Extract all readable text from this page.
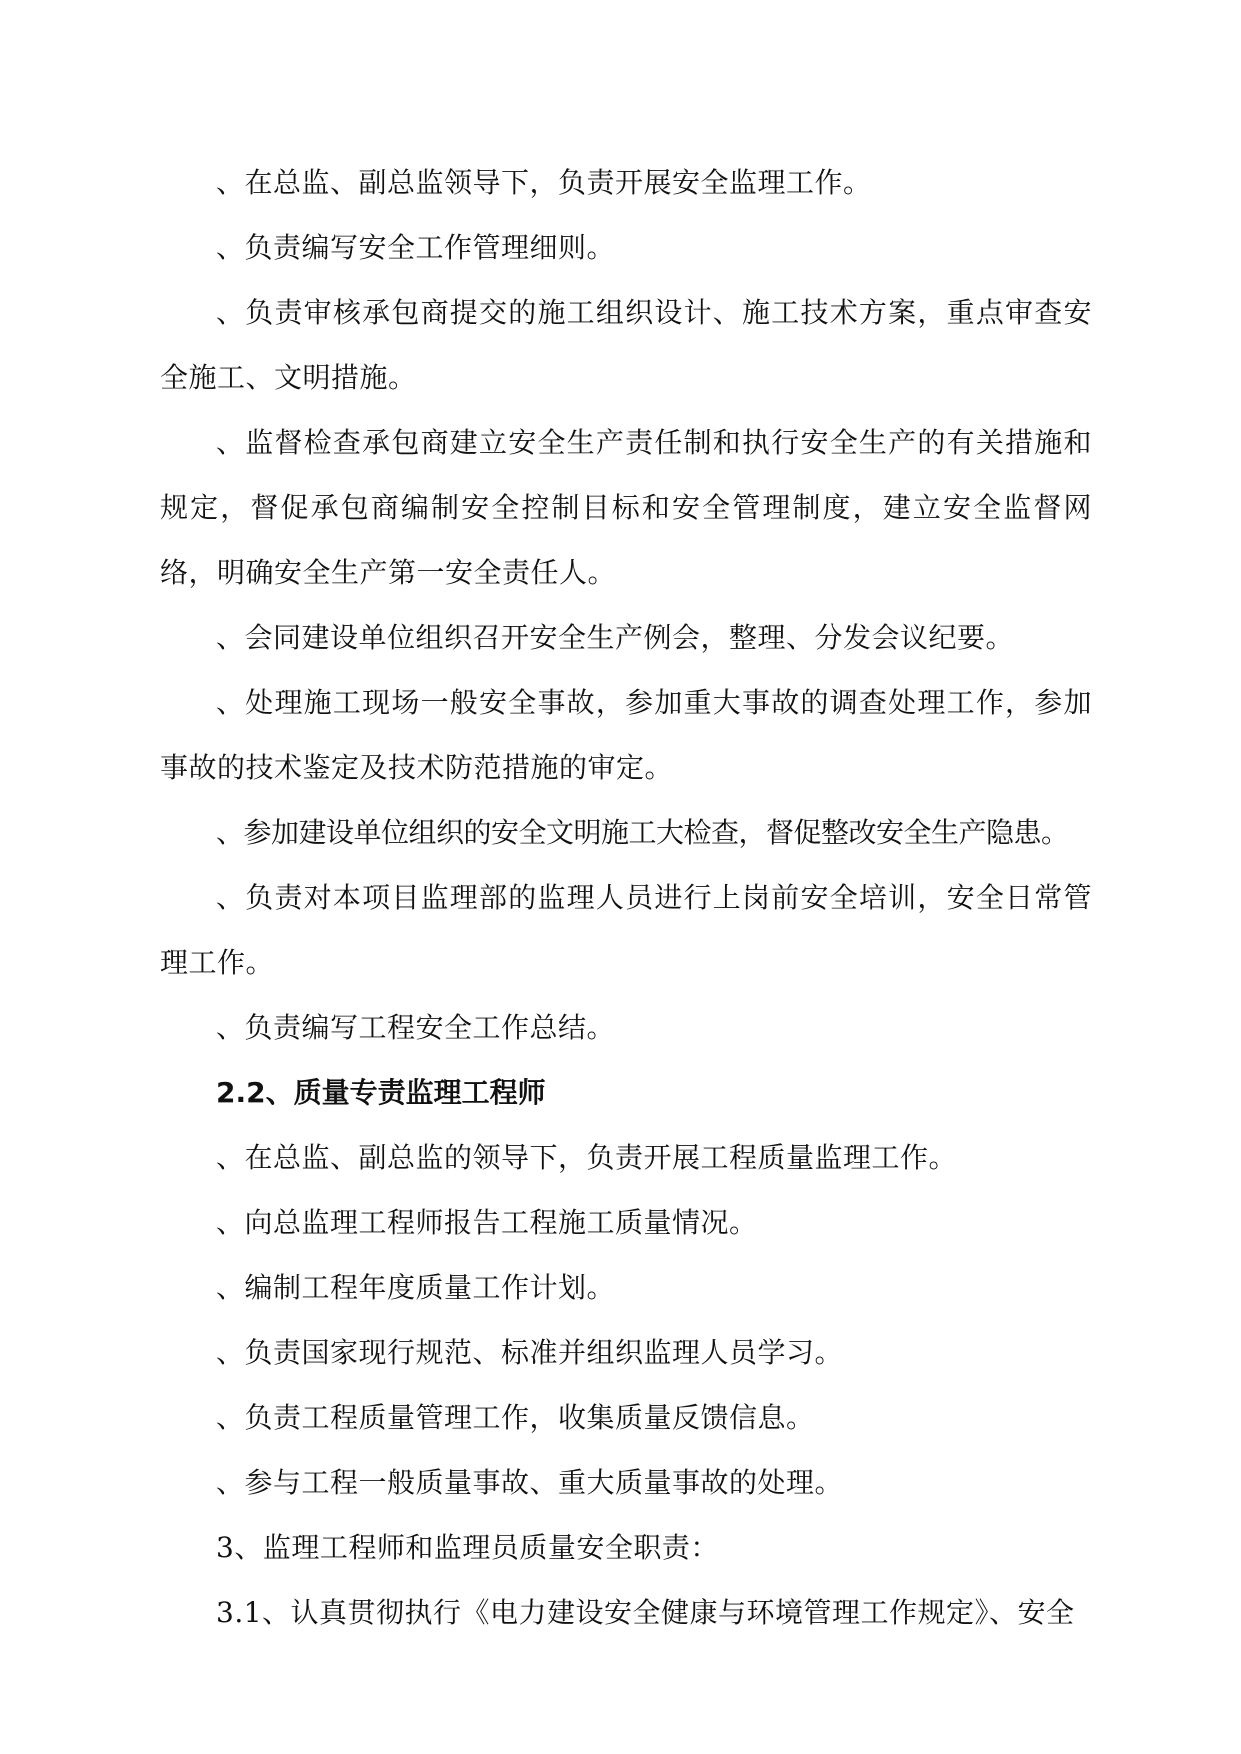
、在总监、副总监领导下，负责开展安全监理工作。

、负责编写安全工作管理细则。

、负责审核承包商提交的施工组织设计、施工技术方案，重点审查安全施工、文明措施。

、监督检查承包商建立安全生产责任制和执行安全生产的有关措施和规定，督促承包商编制安全控制目标和安全管理制度，建立安全监督网络，明确安全生产第一安全责任人。

、会同建设单位组织召开安全生产例会，整理、分发会议纪要。

、处理施工现场一般安全事故，参加重大事故的调查处理工作，参加事故的技术鉴定及技术防范措施的审定。

、参加建设单位组织的安全文明施工大检查，督促整改安全生产隐患。

、负责对本项目监理部的监理人员进行上岗前安全培训，安全日常管理工作。

、负责编写工程安全工作总结。

2.2、质量专责监理工程师

、在总监、副总监的领导下，负责开展工程质量监理工作。

、向总监理工程师报告工程施工质量情况。

、编制工程年度质量工作计划。

、负责国家现行规范、标准并组织监理人员学习。

、负责工程质量管理工作，收集质量反馈信息。

、参与工程一般质量事故、重大质量事故的处理。

3、监理工程师和监理员质量安全职责：

3.1、认真贯彻执行《电力建设安全健康与环境管理工作规定》、安全
